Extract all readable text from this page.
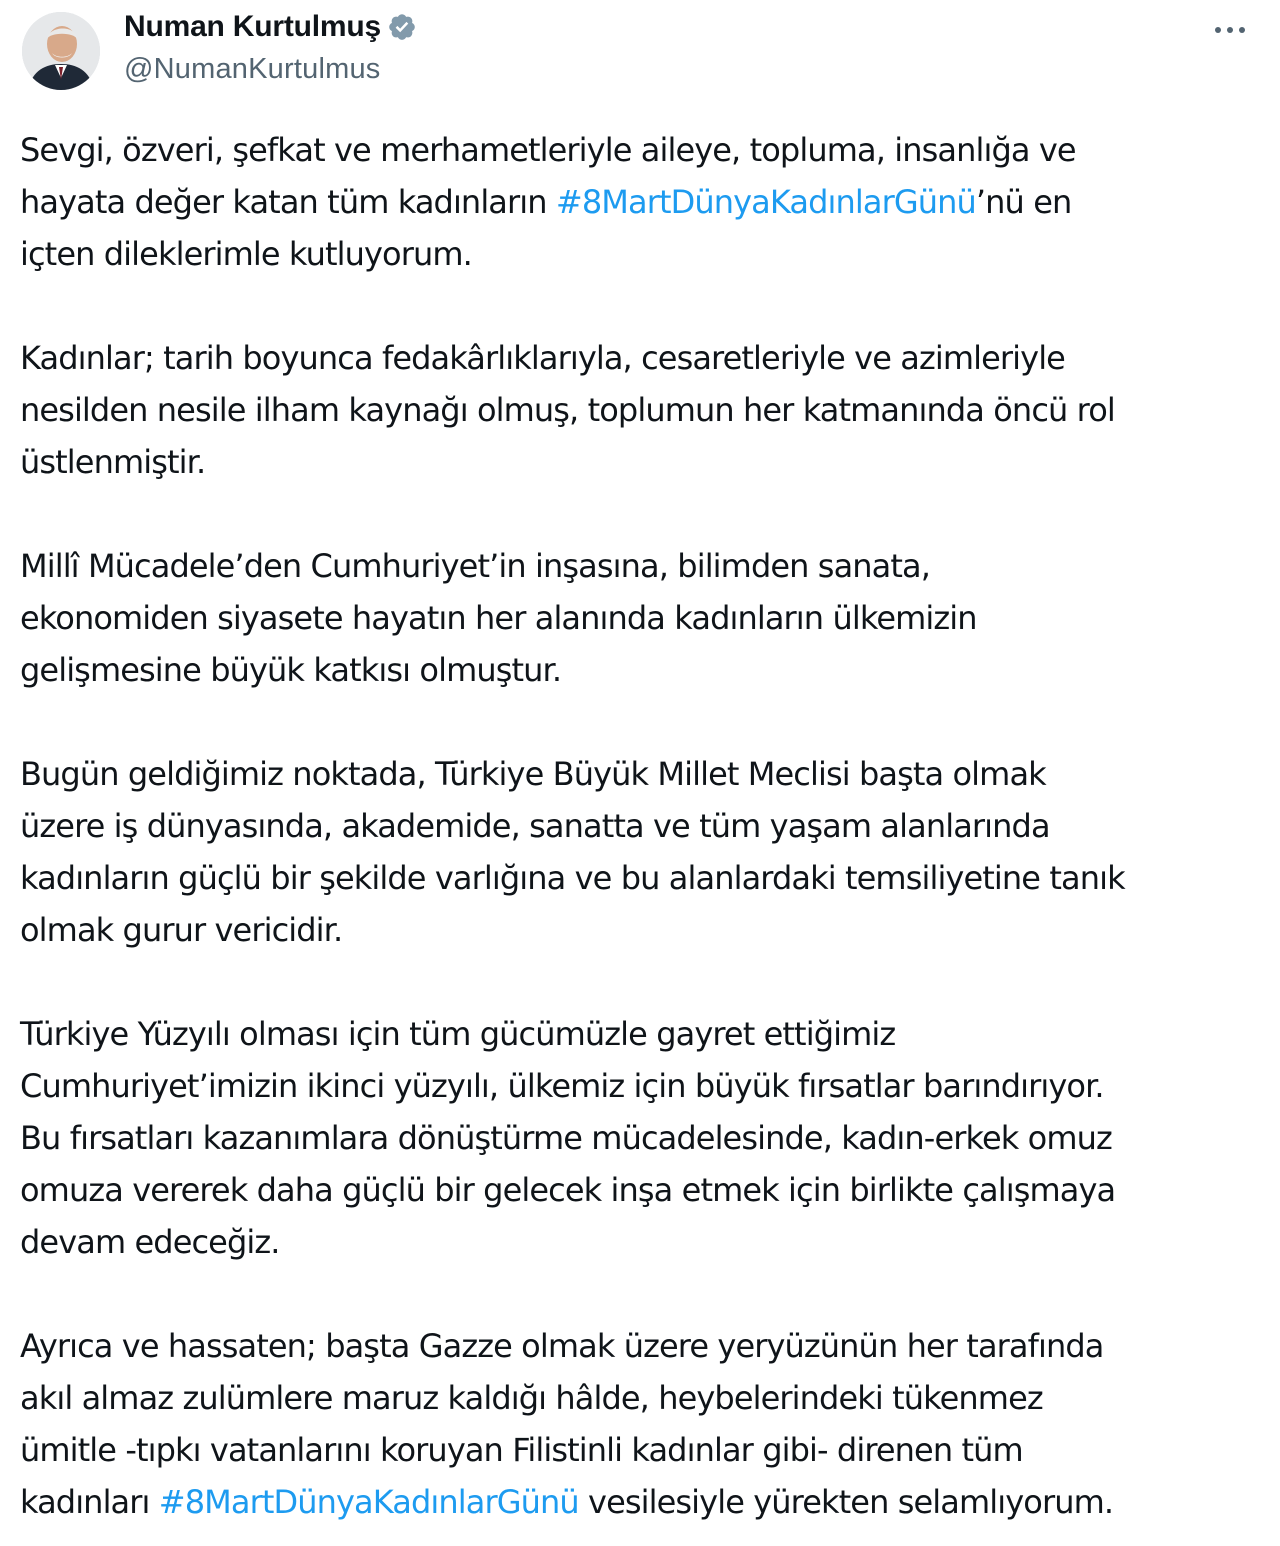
Numan Kurtulmuş
@NumanKurtulmus
Sevgi, özveri, şefkat ve merhametleriyle aileye, topluma, insanlığa ve
hayata değer katan tüm kadınların #8MartDünyaKadınlarGünü’nü en
içten dileklerimle kutluyorum.
Kadınlar; tarih boyunca fedakârlıklarıyla, cesaretleriyle ve azimleriyle
nesilden nesile ilham kaynağı olmuş, toplumun her katmanında öncü rol
üstlenmiştir.
Millî Mücadele’den Cumhuriyet’in inşasına, bilimden sanata,
ekonomiden siyasete hayatın her alanında kadınların ülkemizin
gelişmesine büyük katkısı olmuştur.
Bugün geldiğimiz noktada, Türkiye Büyük Millet Meclisi başta olmak
üzere iş dünyasında, akademide, sanatta ve tüm yaşam alanlarında
kadınların güçlü bir şekilde varlığına ve bu alanlardaki temsiliyetine tanık
olmak gurur vericidir.
Türkiye Yüzyılı olması için tüm gücümüzle gayret ettiğimiz
Cumhuriyet’imizin ikinci yüzyılı, ülkemiz için büyük fırsatlar barındırıyor.
Bu fırsatları kazanımlara dönüştürme mücadelesinde, kadın-erkek omuz
omuza vererek daha güçlü bir gelecek inşa etmek için birlikte çalışmaya
devam edeceğiz.
Ayrıca ve hassaten; başta Gazze olmak üzere yeryüzünün her tarafında
akıl almaz zulümlere maruz kaldığı hâlde, heybelerindeki tükenmez
ümitle -tıpkı vatanlarını koruyan Filistinli kadınlar gibi- direnen tüm
kadınları #8MartDünyaKadınlarGünü vesilesiyle yürekten selamlıyorum.
